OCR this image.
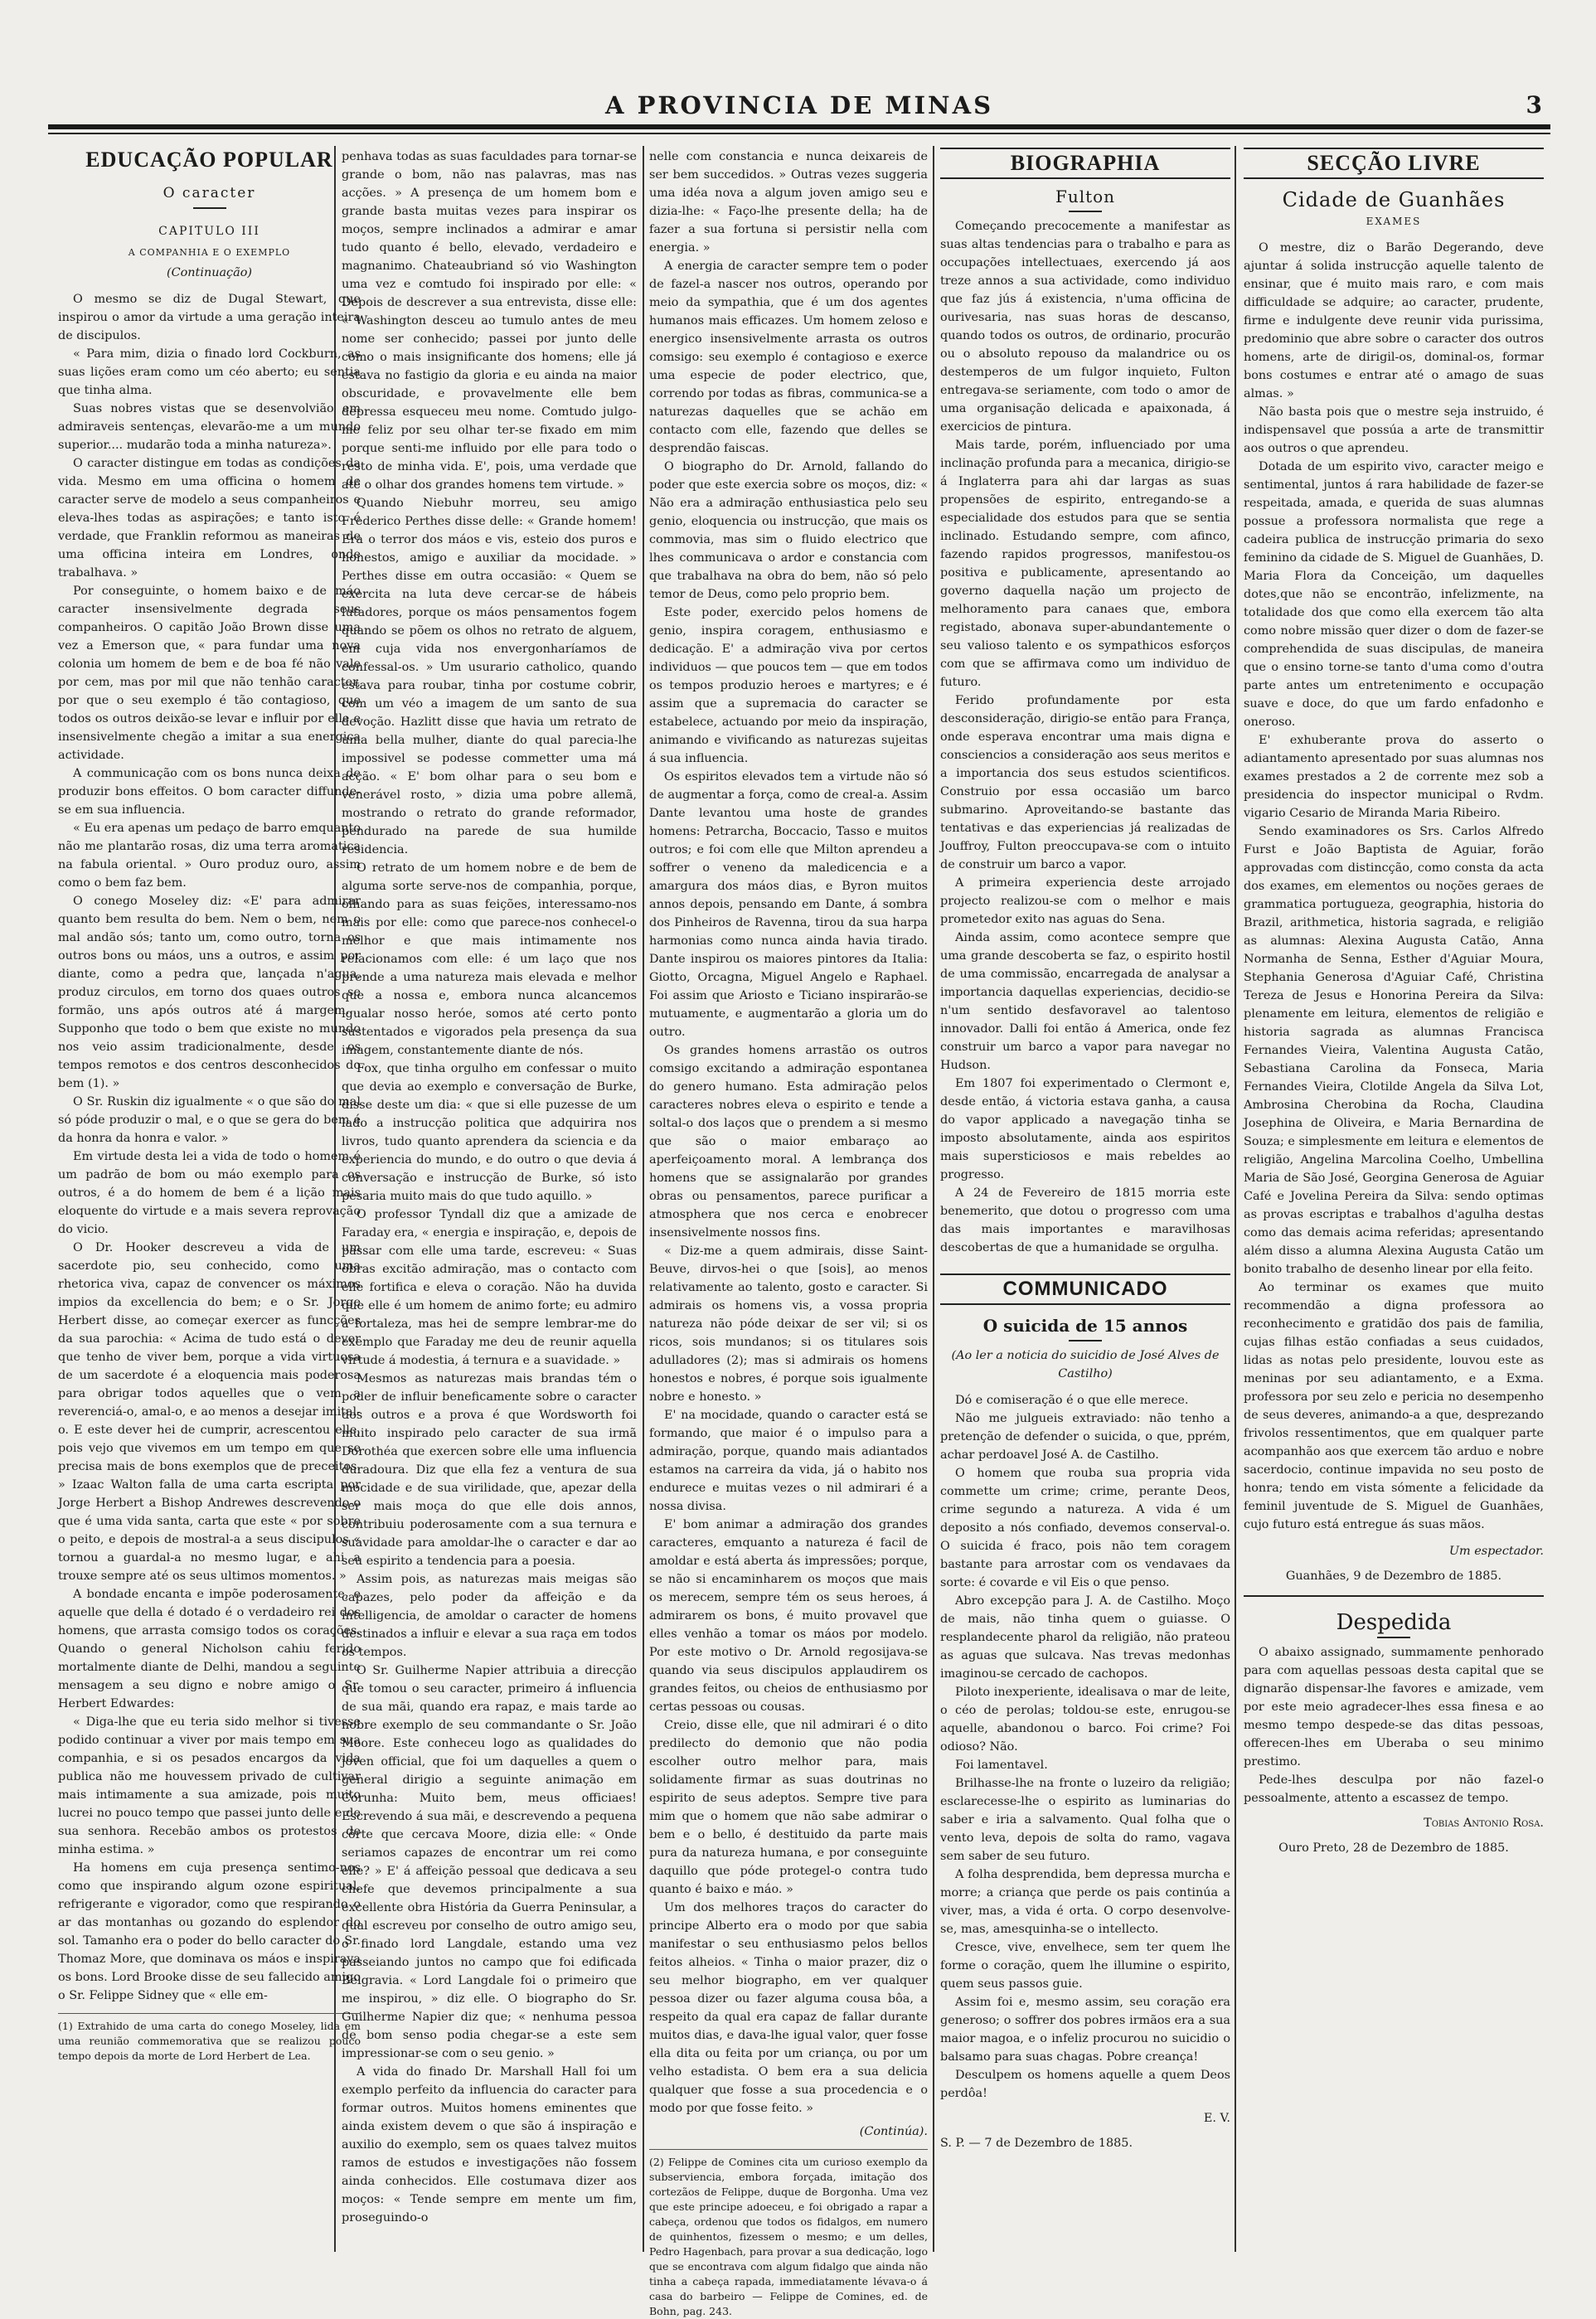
A PROVINCIA DE MINAS	3
EDUCAÇÃO POPULAR
O caracter
CAPITULO III
A COMPANHIA E O EXEMPLO
(Continuação)

O mesmo se diz de Dugal Stewart, que inspirou o amor da virtude a uma geração inteira de discipulos.

« Para mim, dizia o finado lord Cockburn, as suas lições eram como um céo aberto; eu sentia que tinha alma.

Suas nobres vistas que se desenvolvião em admiraveis sentenças, elevarão-me a um mundo superior.... mudarão toda a minha natureza».

O caracter distingue em todas as condições da vida. Mesmo em uma officina o homem de caracter serve de modelo a seus companheiros e eleva-lhes todas as aspirações; e tanto isto é verdade, que Franklin reformou as maneiras de uma officina inteira em Londres, onde trabalhava. »

Por conseguinte, o homem baixo e de máo caracter insensivelmente degrada seus companheiros. O capitão João Brown disse uma vez a Emerson que, « para fundar uma nova colonia um homem de bem e de boa fé não vale por cem, mas por mil que não tenhão caracter, por que o seu exemplo é tão contagioso, que todos os outros deixão-se levar e influir por elle e insensivelmente chegão a imitar a sua energica actividade.

A communicação com os bons nunca deixa de produzir bons effeitos. O bom caracter diffunde-se em sua influencia.

« Eu era apenas um pedaço de barro emquanto não me plantarão rosas, diz uma terra aromatica na fabula oriental. » Ouro produz ouro, assim como o bem faz bem.

O conego Moseley diz: «E' para admirar quanto bem resulta do bem. Nem o bem, nem o mal andão sós; tanto um, como outro, torna os outros bons ou máos, uns a outros, e assim por diante, como a pedra que, lançada n'agua, produz circulos, em torno dos quaes outros se formão, uns após outros até á margem.... Supponho que todo o bem que existe no mundo nos veio assim tradicionalmente, desde os tempos remotos e dos centros desconhecidos do bem (1). »

O Sr. Ruskin diz igualmente « o que são do mal só póde produzir o mal, e o que se gera do bem é da honra da honra e valor. »

Em virtude desta lei a vida de todo o homem é um padrão de bom ou máo exemplo para os outros, é a do homem de bem é a lição mais eloquente do virtude e a mais severa reprovação do vicio.

O Dr. Hooker descreveu a vida de um sacerdote pio, seu conhecido, como uma rhetorica viva, capaz de convencer os máximos impios da excellencia do bem; e o Sr. Jorge Herbert disse, ao começar exercer as funcções da sua parochia: « Acima de tudo está o dever que tenho de viver bem, porque a vida virtuosa de um sacerdote é a eloquencia mais poderosa para obrigar todos aquelles que o vem a reverenciá-o, amal-o, e ao menos a desejar imital-o. E este dever hei de cumprir, acrescentou elle, pois vejo que vivemos em um tempo em que se precisa mais de bons exemplos que de preceitos. » Izaac Walton falla de uma carta escripta por Jorge Herbert a Bishop Andrewes descrevendo-o que é uma vida santa, carta que este « por sobre o peito, e depois de mostral-a a seus discipulos « tornou a guardal-a no mesmo lugar, e ahi a trouxe sempre até os seus ultimos momentos. »

A bondade encanta e impõe poderosamente, e aquelle que della é dotado é o verdadeiro rei dos homens, que arrasta comsigo todos os corações. Quando o general Nicholson cahiu ferido mortalmente diante de Delhi, mandou a seguinte mensagem a seu digno e nobre amigo o Sr. Herbert Edwardes:

« Diga-lhe que eu teria sido melhor si tivesse podido continuar a viver por mais tempo em sua companhia, e si os pesados encargos da vida publica não me houvessem privado de cultivar mais intimamente a sua amizade, pois muito lucrei no pouco tempo que passei junto delle e de sua senhora. Recebão ambos os protestos de minha estima. »

Ha homens em cuja presença sentimo-nos como que inspirando algum ozone espiritual, refrigerante e vigorador, como que respirando o ar das montanhas ou gozando do esplendor do sol. Tamanho era o poder do bello caracter do Sr. Thomaz More, que dominava os máos e inspirava os bons. Lord Brooke disse de seu fallecido amigo o Sr. Felippe Sidney que « elle em-

(1) Extrahido de uma carta do conego Moseley, lida em uma reunião commemorativa que se realizou pouco tempo depois da morte de Lord Herbert de Lea.

penhava todas as suas faculdades para tornar-se grande o bom, não nas palavras, mas nas acções. » A presença de um homem bom e grande basta muitas vezes para inspirar os moços, sempre inclinados a admirar e amar tudo quanto é bello, elevado, verdadeiro e magnanimo. Chateaubriand só vio Washington uma vez e comtudo foi inspirado por elle: « Depois de descrever a sua entrevista, disse elle: « Washington desceu ao tumulo antes de meu nome ser conhecido; passei por junto delle como o mais insignificante dos homens; elle já estava no fastigio da gloria e eu ainda na maior obscuridade, e provavelmente elle bem depressa esqueceu meu nome. Comtudo julgo-me feliz por seu olhar ter-se fixado em mim porque senti-me influido por elle para todo o resto de minha vida. E', pois, uma verdade que até o olhar dos grandes homens tem virtude. »

Quando Niebuhr morreu, seu amigo Frederico Perthes disse delle: « Grande homem! Era o terror dos máos e vis, esteio dos puros e honestos, amigo e auxiliar da mocidade. » Perthes disse em outra occasião: « Quem se exercita na luta deve cercar-se de hábeis lutadores, porque os máos pensamentos fogem quando se põem os olhos no retrato de alguem, em cuja vida nos envergonharíamos de confessal-os. » Um usurario catholico, quando estava para roubar, tinha por costume cobrir, com um véo a imagem de um santo de sua devoção. Hazlitt disse que havia um retrato de uma bella mulher, diante do qual parecia-lhe impossivel se podesse commetter uma má acção. « E' bom olhar para o seu bom e venerável rosto, » dizia uma pobre allemã, mostrando o retrato do grande reformador, pendurado na parede de sua humilde residencia.

O retrato de um homem nobre e de bem de alguma sorte serve-nos de companhia, porque, olhando para as suas feições, interessamo-nos mais por elle: como que parece-nos conhecel-o melhor e que mais intimamente nos relacionamos com elle: é um laço que nos prende a uma natureza mais elevada e melhor que a nossa e, embora nunca alcancemos igualar nosso heróe, somos até certo ponto sustentados e vigorados pela presença da sua imagem, constantemente diante de nós.

Fox, que tinha orgulho em confessar o muito que devia ao exemplo e conversação de Burke, disse deste um dia: « que si elle puzesse de um lado a instrucção politica que adquirira nos livros, tudo quanto aprendera da sciencia e da experiencia do mundo, e do outro o que devia á conversação e instrucção de Burke, só isto pesaria muito mais do que tudo aquillo. »

O professor Tyndall diz que a amizade de Faraday era, « energia e inspiração, e, depois de passar com elle uma tarde, escreveu: « Suas obras excitão admiração, mas o contacto com elle fortifica e eleva o coração. Não ha duvida que elle é um homem de animo forte; eu admiro a fortaleza, mas hei de sempre lembrar-me do exemplo que Faraday me deu de reunir aquella virtude á modestia, á ternura e a suavidade. »

Mesmos as naturezas mais brandas tém o poder de influir beneficamente sobre o caracter dos outros e a prova é que Wordsworth foi muito inspirado pelo caracter de sua irmã Dorothéa que exercen sobre elle uma influencia duradoura. Diz que ella fez a ventura de sua mocidade e de sua virilidade, que, apezar della ser mais moça do que elle dois annos, contribuiu poderosamente com a sua ternura e suavidade para amoldar-lhe o caracter e dar ao seu espirito a tendencia para a poesia.

Assim pois, as naturezas mais meigas são capazes, pelo poder da affeição e da intelligencia, de amoldar o caracter de homens destinados a influir e elevar a sua raça em todos os tempos.

O Sr. Guilherme Napier attribuia a direcção que tomou o seu caracter, primeiro á influencia de sua mãi, quando era rapaz, e mais tarde ao nobre exemplo de seu commandante o Sr. João Moore. Este conheceu logo as qualidades do joven official, que foi um daquelles a quem o general dirigio a seguinte animação em Corunha: Muito bem, meus officiaes! Escrevendo á sua mãi, e descrevendo a pequena côrte que cercava Moore, dizia elle: « Onde seriamos capazes de encontrar um rei como elle? » E' á affeição pessoal que dedicava a seu chefe que devemos principalmente a sua excellente obra História da Guerra Peninsular, a qual escreveu por conselho de outro amigo seu, o finado lord Langdale, estando uma vez passeiando juntos no campo que foi edificada Belgravia. « Lord Langdale foi o primeiro que me inspirou, » diz elle. O biographo do Sr. Guilherme Napier diz que; « nenhuma pessoa de bom senso podia chegar-se a este sem impressionar-se com o seu genio. »

A vida do finado Dr. Marshall Hall foi um exemplo perfeito da influencia do caracter para formar outros. Muitos homens eminentes que ainda existem devem o que são á inspiração e auxilio do exemplo, sem os quaes talvez muitos ramos de estudos e investigações não fossem ainda conhecidos. Elle costumava dizer aos moços: « Tende sempre em mente um fim, proseguindo-o

nelle com constancia e nunca deixareis de ser bem succedidos. » Outras vezes suggeria uma idéa nova a algum joven amigo seu e dizia-lhe: « Faço-lhe presente della; ha de fazer a sua fortuna si persistir nella com energia. »

A energia de caracter sempre tem o poder de fazel-a nascer nos outros, operando por meio da sympathia, que é um dos agentes humanos mais efficazes. Um homem zeloso e energico insensivelmente arrasta os outros comsigo: seu exemplo é contagioso e exerce uma especie de poder electrico, que, correndo por todas as fibras, communica-se a naturezas daquelles que se achão em contacto com elle, fazendo que delles se desprendão faiscas.

O biographo do Dr. Arnold, fallando do poder que este exercia sobre os moços, diz: « Não era a admiração enthusiastica pelo seu genio, eloquencia ou instrucção, que mais os commovia, mas sim o fluido electrico que lhes communicava o ardor e constancia com que trabalhava na obra do bem, não só pelo temor de Deus, como pelo proprio bem.

Este poder, exercido pelos homens de genio, inspira coragem, enthusiasmo e dedicação. E' a admiração viva por certos individuos — que poucos tem — que em todos os tempos produzio heroes e martyres; e é assim que a supremacia do caracter se estabelece, actuando por meio da inspiração, animando e vivificando as naturezas sujeitas á sua influencia.

Os espiritos elevados tem a virtude não só de augmentar a força, como de creal-a. Assim Dante levantou uma hoste de grandes homens: Petrarcha, Boccacio, Tasso e muitos outros; e foi com elle que Milton aprendeu a soffrer o veneno da maledicencia e a amargura dos máos dias, e Byron muitos annos depois, pensando em Dante, á sombra dos Pinheiros de Ravenna, tirou da sua harpa harmonias como nunca ainda havia tirado. Dante inspirou os maiores pintores da Italia: Giotto, Orcagna, Miguel Angelo e Raphael. Foi assim que Ariosto e Ticiano inspirarão-se mutuamente, e augmentarão a gloria um do outro.

Os grandes homens arrastão os outros comsigo excitando a admiração espontanea do genero humano. Esta admiração pelos caracteres nobres eleva o espirito e tende a soltal-o dos laços que o prendem a si mesmo que são o maior embaraço ao aperfeiçoamento moral. A lembrança dos homens que se assignalarão por grandes obras ou pensamentos, parece purificar a atmosphera que nos cerca e enobrecer insensivelmente nossos fins.

« Diz-me a quem admirais, disse Saint-Beuve, dirvos-hei o que [sois], ao menos relativamente ao talento, gosto e caracter. Si admirais os homens vis, a vossa propria natureza não póde deixar de ser vil; si os ricos, sois mundanos; si os titulares sois adulladores (2); mas si admirais os homens honestos e nobres, é porque sois igualmente nobre e honesto. »

E' na mocidade, quando o caracter está se formando, que maior é o impulso para a admiração, porque, quando mais adiantados estamos na carreira da vida, já o habito nos endurece e muitas vezes o nil admirari é a nossa divisa.

E' bom animar a admiração dos grandes caracteres, emquanto a natureza é facil de amoldar e está aberta ás impressões; porque, se não si encaminharem os moços que mais os merecem, sempre tém os seus heroes, á admirarem os bons, é muito provavel que elles venhão a tomar os máos por modelo. Por este motivo o Dr. Arnold regosijava-se quando via seus discipulos applaudirem os grandes feitos, ou cheios de enthusiasmo por certas pessoas ou cousas.

Creio, disse elle, que nil admirari é o dito predilecto do demonio que não podia escolher outro melhor para, mais solidamente firmar as suas doutrinas no espirito de seus adeptos. Sempre tive para mim que o homem que não sabe admirar o bem e o bello, é destituido da parte mais pura da natureza humana, e por conseguinte daquillo que póde protegel-o contra tudo quanto é baixo e máo. »

Um dos melhores traços do caracter do principe Alberto era o modo por que sabia manifestar o seu enthusiasmo pelos bellos feitos alheios. « Tinha o maior prazer, diz o seu melhor biographo, em ver qualquer pessoa dizer ou fazer alguma cousa bôa, a respeito da qual era capaz de fallar durante muitos dias, e dava-lhe igual valor, quer fosse ella dita ou feita por um criança, ou por um velho estadista. O bem era a sua delicia qualquer que fosse a sua procedencia e o modo por que fosse feito. »

(Continúa).
(2) Felippe de Comines cita um curioso exemplo da subserviencia, embora forçada, imitação dos cortezãos de Felippe, duque de Borgonha. Uma vez que este principe adoeceu, e foi obrigado a rapar a cabeça, ordenou que todos os fidalgos, em numero de quinhentos, fizessem o mesmo; e um delles, Pedro Hagenbach, para provar a sua dedicação, logo que se encontrava com algum fidalgo que ainda não tinha a cabeça rapada, immediatamente lévava-o á casa do barbeiro — Felippe de Comines, ed. de Bohn, pag. 243.
BIOGRAPHIA
Fulton

Começando precocemente a manifestar as suas altas tendencias para o trabalho e para as occupações intellectuaes, exercendo já aos treze annos a sua actividade, como individuo que faz jús á existencia, n'uma officina de ourivesaria, nas suas horas de descanso, quando todos os outros, de ordinario, procurão ou o absoluto repouso da malandrice ou os destemperos de um fulgor inquieto, Fulton entregava-se seriamente, com todo o amor de uma organisação delicada e apaixonada, á exercicios de pintura.

Mais tarde, porém, influenciado por uma inclinação profunda para a mecanica, dirigio-se á Inglaterra para ahi dar largas as suas propensões de espirito, entregando-se a especialidade dos estudos para que se sentia inclinado. Estudando sempre, com afinco, fazendo rapidos progressos, manifestou-os positiva e publicamente, apresentando ao governo daquella nação um projecto de melhoramento para canaes que, embora registado, abonava super-abundantemente o seu valioso talento e os sympathicos esforços com que se affirmava como um individuo de futuro.

Ferido profundamente por esta desconsideração, dirigio-se então para França, onde esperava encontrar uma mais digna e consciencios a consideração aos seus meritos e a importancia dos seus estudos scientificos. Construio por essa occasião um barco submarino. Aproveitando-se bastante das tentativas e das experiencias já realizadas de Jouffroy, Fulton preoccupava-se com o intuito de construir um barco a vapor.

A primeira experiencia deste arrojado projecto realizou-se com o melhor e mais prometedor exito nas aguas do Sena.

Ainda assim, como acontece sempre que uma grande descoberta se faz, o espirito hostil de uma commissão, encarregada de analysar a importancia daquellas experiencias, decidio-se n'um sentido desfavoravel ao talentoso innovador. Dalli foi então á America, onde fez construir um barco a vapor para navegar no Hudson.

Em 1807 foi experimentado o Clermont e, desde então, á victoria estava ganha, a causa do vapor applicado a navegação tinha se imposto absolutamente, ainda aos espiritos mais supersticiosos e mais rebeldes ao progresso.

A 24 de Fevereiro de 1815 morria este benemerito, que dotou o progresso com uma das mais importantes e maravilhosas descobertas de que a humanidade se orgulha.

COMMUNICADO
O suicida de 15 annos
(Ao ler a noticia do suicidio de José Alves de Castilho)

Dó e comiseração é o que elle merece.

Não me julgueis extraviado: não tenho a pretenção de defender o suicida, o que, pprém, achar perdoavel José A. de Castilho.

O homem que rouba sua propria vida commette um crime; crime, perante Deos, crime segundo a natureza. A vida é um deposito a nós confiado, devemos conserval-o. O suicida é fraco, pois não tem coragem bastante para arrostar com os vendavaes da sorte: é covarde e vil Eis o que penso.

Abro excepção para J. A. de Castilho. Moço de mais, não tinha quem o guiasse. O resplandecente pharol da religião, não prateou as aguas que sulcava. Nas trevas medonhas imaginou-se cercado de cachopos.

Piloto inexperiente, idealisava o mar de leite, o céo de perolas; toldou-se este, enrugou-se aquelle, abandonou o barco. Foi crime? Foi odioso? Não.

Foi lamentavel.

Brilhasse-lhe na fronte o luzeiro da religião; esclarecesse-lhe o espirito as luminarias do saber e iria a salvamento. Qual folha que o vento leva, depois de solta do ramo, vagava sem saber de seu futuro.

A folha desprendida, bem depressa murcha e morre; a criança que perde os pais continúa a viver, mas, a vida é orta. O corpo desenvolve-se, mas, amesquinha-se o intellecto.

Cresce, vive, envelhece, sem ter quem lhe forme o coração, quem lhe illumine o espirito, quem seus passos guie.

Assim foi e, mesmo assim, seu coração era generoso; o soffrer dos pobres irmãos era a sua maior magoa, e o infeliz procurou no suicidio o balsamo para suas chagas. Pobre creança!

Desculpem os homens aquelle a quem Deos perdôa!

E. V.
S. P. — 7 de Dezembro de 1885.
SECÇÃO LIVRE
Cidade de Guanhães
EXAMES

O mestre, diz o Barão Degerando, deve ajuntar á solida instrucção aquelle talento de ensinar, que é muito mais raro, e com mais difficuldade se adquire; ao caracter, prudente, firme e indulgente deve reunir vida purissima, predominio que abre sobre o caracter dos outros homens, arte de dirigil-os, dominal-os, formar bons costumes e entrar até o amago de suas almas. »

Não basta pois que o mestre seja instruido, é indispensavel que possúa a arte de transmittir aos outros o que aprendeu.

Dotada de um espirito vivo, caracter meigo e sentimental, juntos á rara habilidade de fazer-se respeitada, amada, e querida de suas alumnas possue a professora normalista que rege a cadeira publica de instrucção primaria do sexo feminino da cidade de S. Miguel de Guanhães, D. Maria Flora da Conceição, um daquelles dotes,que não se encontrão, infelizmente, na totalidade dos que como ella exercem tão alta como nobre missão quer dizer o dom de fazer-se comprehendida de suas discipulas, de maneira que o ensino torne-se tanto d'uma como d'outra parte antes um entretenimento e occupação suave e doce, do que um fardo enfadonho e oneroso.

E' exhuberante prova do asserto o adiantamento apresentado por suas alumnas nos exames prestados a 2 de corrente mez sob a presidencia do inspector municipal o Rvdm. vigario Cesario de Miranda Maria Ribeiro.

Sendo examinadores os Srs. Carlos Alfredo Furst e João Baptista de Aguiar, forão approvadas com distincção, como consta da acta dos exames, em elementos ou noções geraes de grammatica portugueza, geographia, historia do Brazil, arithmetica, historia sagrada, e religião as alumnas: Alexina Augusta Catão, Anna Normanha de Senna, Esther d'Aguiar Moura, Stephania Generosa d'Aguiar Café, Christina Tereza de Jesus e Honorina Pereira da Silva: plenamente em leitura, elementos de religião e historia sagrada as alumnas Francisca Fernandes Vieira, Valentina Augusta Catão, Sebastiana Carolina da Fonseca, Maria Fernandes Vieira, Clotilde Angela da Silva Lot, Ambrosina Cherobina da Rocha, Claudina Josephina de Oliveira, e Maria Bernardina de Souza; e simplesmente em leitura e elementos de religião, Angelina Marcolina Coelho, Umbellina Maria de São José, Georgina Generosa de Aguiar Café e Jovelina Pereira da Silva: sendo optimas as provas escriptas e trabalhos d'agulha destas como das demais acima referidas; apresentando além disso a alumna Alexina Augusta Catão um bonito trabalho de desenho linear por ella feito.

Ao terminar os exames que muito recommendão a digna professora ao reconhecimento e gratidão dos pais de familia, cujas filhas estão confiadas a seus cuidados, lidas as notas pelo presidente, louvou este as meninas por seu adiantamento, e a Exma. professora por seu zelo e pericia no desempenho de seus deveres, animando-a a que, desprezando frivolos ressentimentos, que em qualquer parte acompanhão aos que exercem tão arduo e nobre sacerdocio, continue impavida no seu posto de honra; tendo em vista sómente a felicidade da feminil juventude de S. Miguel de Guanhães, cujo futuro está entregue ás suas mãos.

Um espectador.
Guanhães, 9 de Dezembro de 1885.
Despedida

O abaixo assignado, summamente penhorado para com aquellas pessoas desta capital que se dignarão dispensar-lhe favores e amizade, vem por este meio agradecer-lhes essa finesa e ao mesmo tempo despede-se das ditas pessoas, offerecen-lhes em Uberaba o seu minimo prestimo.

Pede-lhes desculpa por não fazel-o pessoalmente, attento a escassez de tempo.

Tobias Antonio Rosa.
Ouro Preto, 28 de Dezembro de 1885.
